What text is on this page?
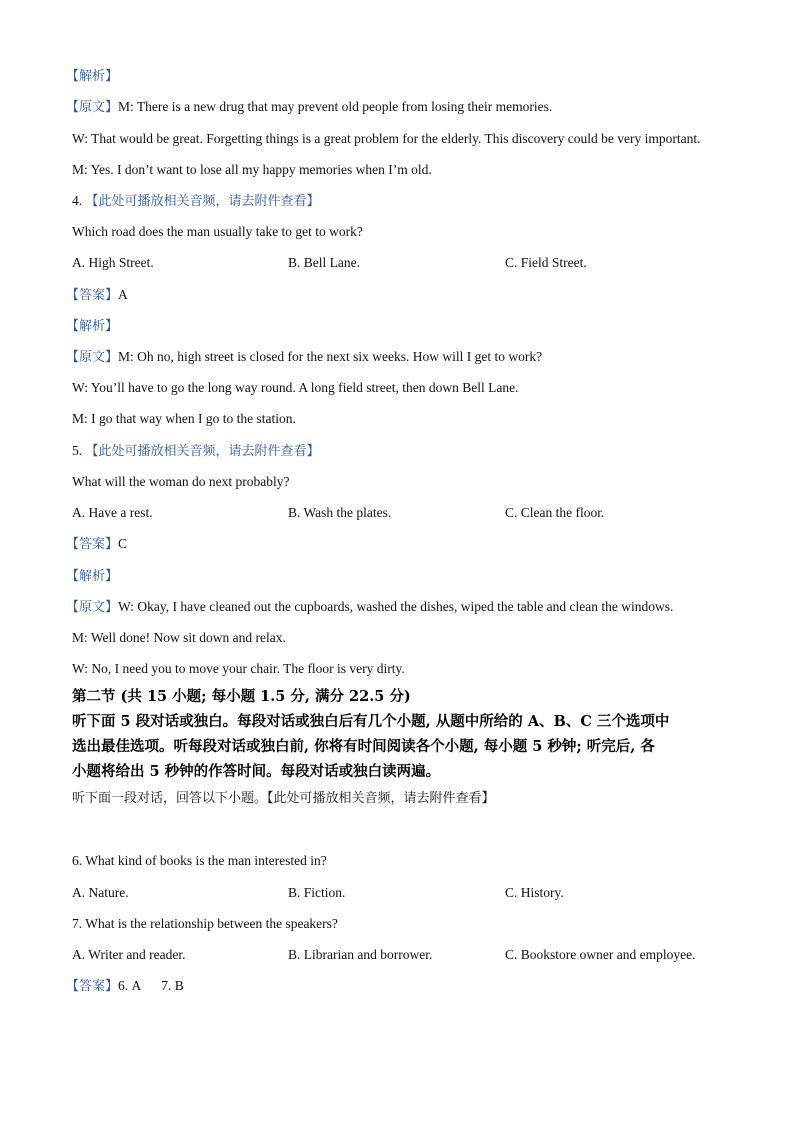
【解析】
【原文】M: There is a new drug that may prevent old people from losing their memories.
W: That would be great. Forgetting things is a great problem for the elderly. This discovery could be very important.
M: Yes. I don’t want to lose all my happy memories when I’m old.
4. 【此处可播放相关音频，请去附件查看】
Which road does the man usually take to get to work?
A. High Street.	B. Bell Lane.	C. Field Street.
【答案】A
【解析】
【原文】M: Oh no, high street is closed for the next six weeks. How will I get to work?
W: You’ll have to go the long way round. A long field street, then down Bell Lane.
M: I go that way when I go to the station.
5. 【此处可播放相关音频，请去附件查看】
What will the woman do next probably?
A. Have a rest.	B. Wash the plates.	C. Clean the floor.
【答案】C
【解析】
【原文】W: Okay, I have cleaned out the cupboards, washed the dishes, wiped the table and clean the windows.
M: Well done! Now sit down and relax.
W: No, I need you to move your chair. The floor is very dirty.
第二节 (共 15 小题; 每小题 1.5 分, 满分 22.5 分)
听下面 5 段对话或独白。每段对话或独白后有几个小题, 从题中所给的 A、B、C 三个选项中
选出最佳选项。听每段对话或独白前, 你将有时间阅读各个小题, 每小题 5 秒钟; 听完后, 各
小题将给出 5 秒钟的作答时间。每段对话或独白读两遍。
听下面一段对话，回答以下小题。【此处可播放相关音频，请去附件查看】
6. What kind of books is the man interested in?
A. Nature.	B. Fiction.	C. History.
7. What is the relationship between the speakers?
A. Writer and reader.	B. Librarian and borrower.	C. Bookstore owner and employee.
【答案】6. A 7. B
